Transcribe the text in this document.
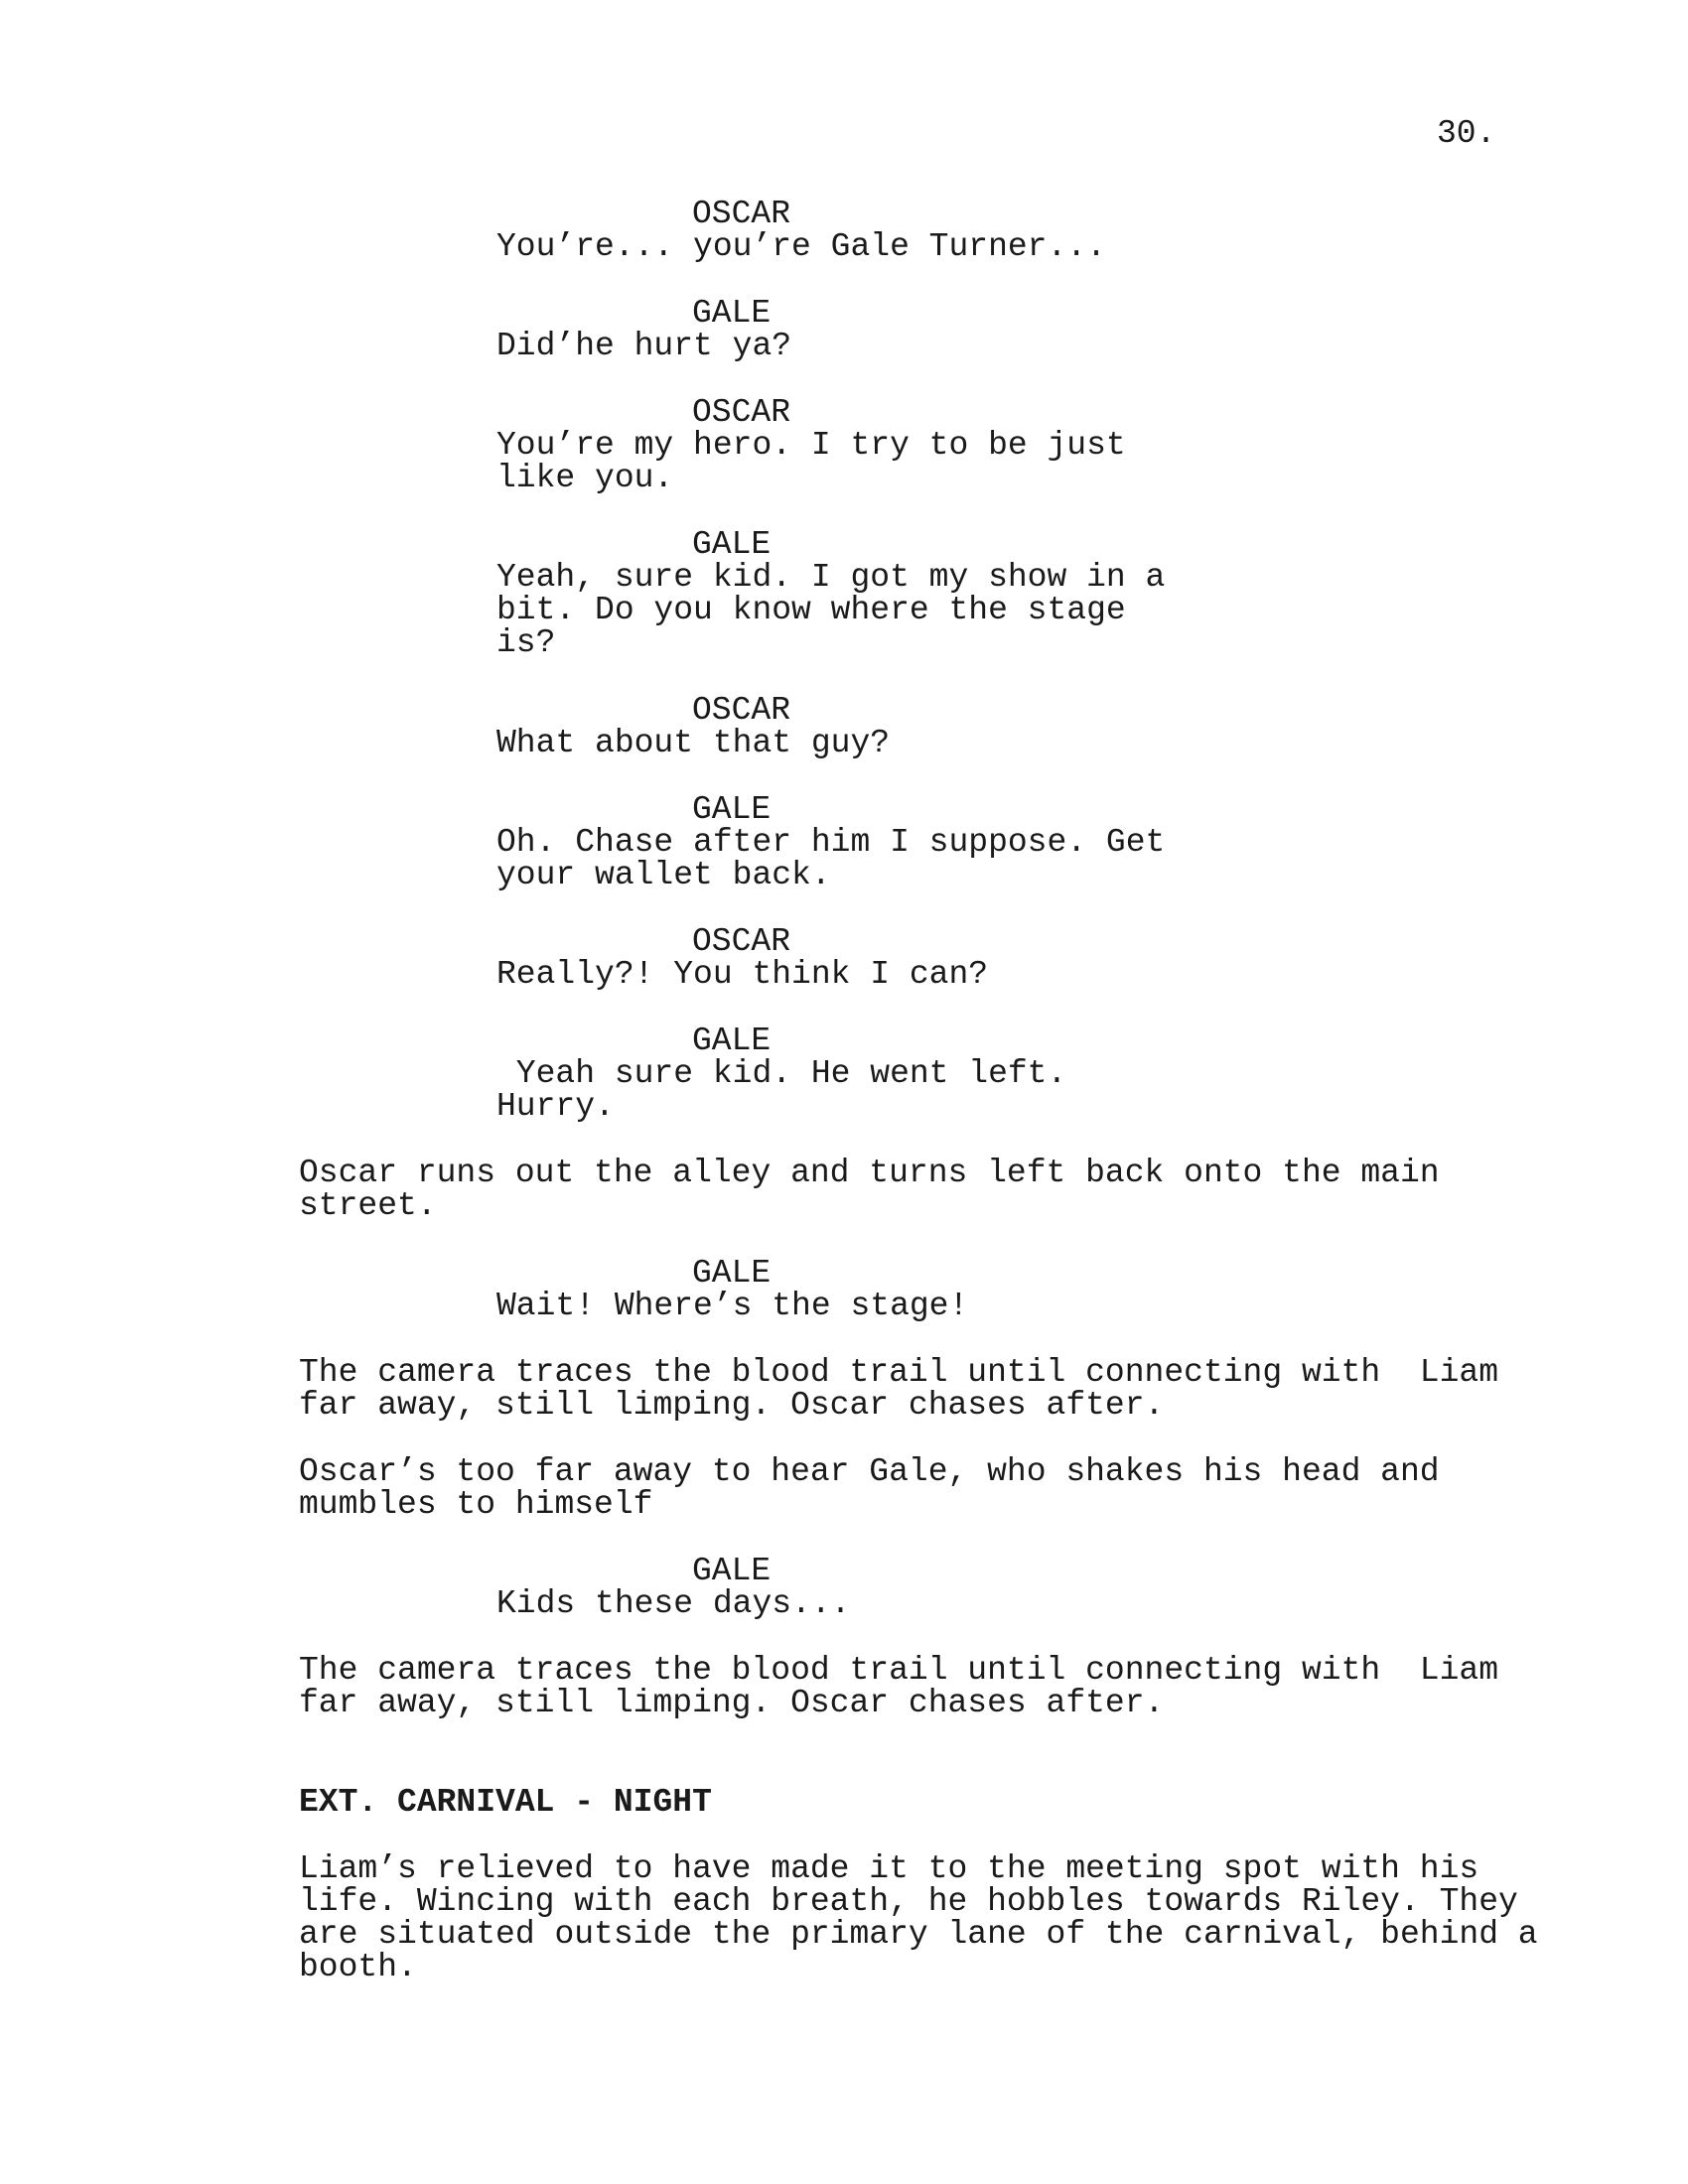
30.
OSCAR
You’re... you’re Gale Turner...
GALE
Did’he hurt ya?
OSCAR
You’re my hero. I try to be just
like you.
GALE
Yeah, sure kid. I got my show in a
bit. Do you know where the stage
is?
OSCAR
What about that guy?
GALE
Oh. Chase after him I suppose. Get
your wallet back.
OSCAR
Really?! You think I can?
GALE
Yeah sure kid. He went left.
Hurry.
Oscar runs out the alley and turns left back onto the main
street.
GALE
Wait! Where’s the stage!
The camera traces the blood trail until connecting with  Liam
far away, still limping. Oscar chases after.
Oscar’s too far away to hear Gale, who shakes his head and
mumbles to himself
GALE
Kids these days...
The camera traces the blood trail until connecting with  Liam
far away, still limping. Oscar chases after.
EXT. CARNIVAL - NIGHT
Liam’s relieved to have made it to the meeting spot with his
life. Wincing with each breath, he hobbles towards Riley. They
are situated outside the primary lane of the carnival, behind a
booth.
